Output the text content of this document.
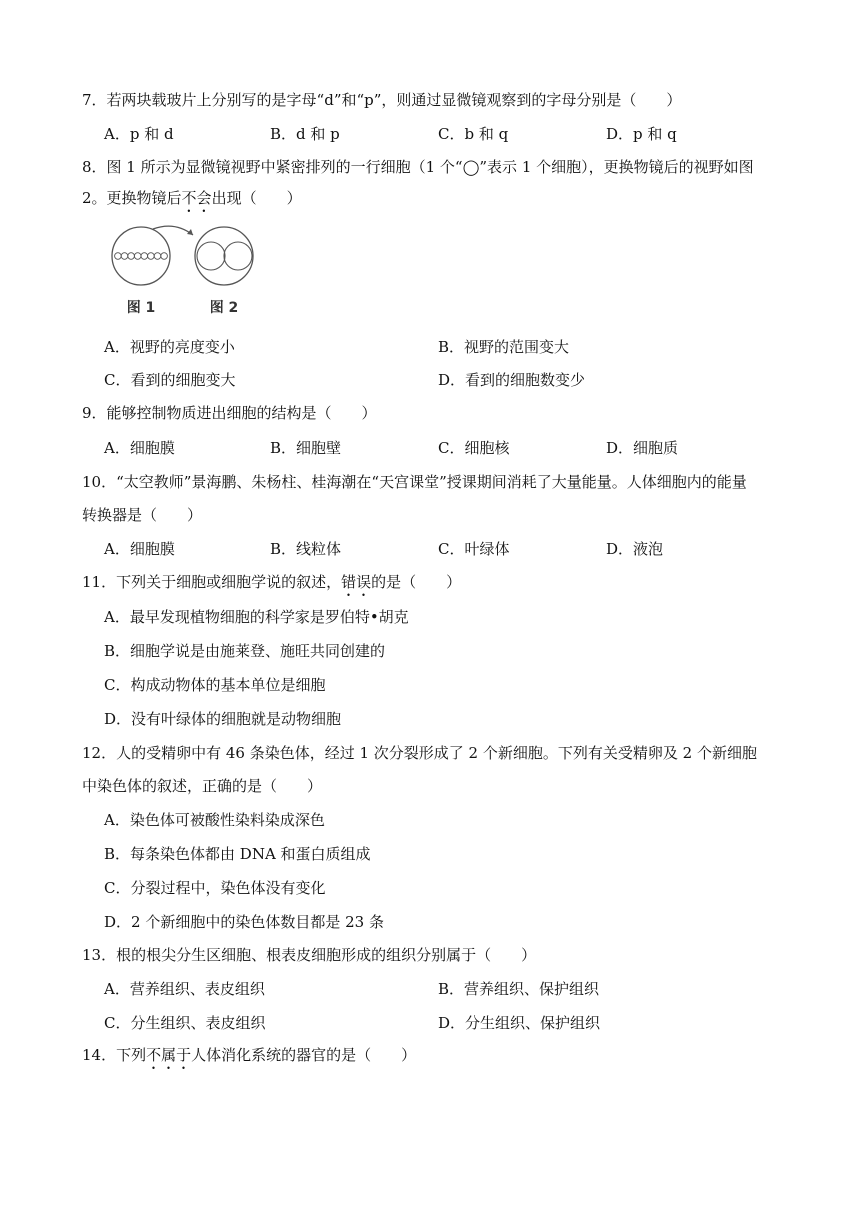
7．若两块载玻片上分别写的是字母“d”和“p”，则通过显微镜观察到的字母分别是（　　）
A．p 和 d	B．d 和 p	C．b 和 q	D．p 和 q
8．图 1 所示为显微镜视野中紧密排列的一行细胞（1 个“◯”表示 1 个细胞），更换物镜后的视野如图
2。更换物镜后不会出现（　　）
图 1	图 2
A．视野的亮度变小	B．视野的范围变大
C．看到的细胞变大	D．看到的细胞数变少
9．能够控制物质进出细胞的结构是（　　）
A．细胞膜	B．细胞壁	C．细胞核	D．细胞质
10．“太空教师”景海鹏、朱杨柱、桂海潮在“天宫课堂”授课期间消耗了大量能量。人体细胞内的能量
转换器是（　　）
A．细胞膜	B．线粒体	C．叶绿体	D．液泡
11．下列关于细胞或细胞学说的叙述，错误的是（　　）
A．最早发现植物细胞的科学家是罗伯特•胡克
B．细胞学说是由施莱登、施旺共同创建的
C．构成动物体的基本单位是细胞
D．没有叶绿体的细胞就是动物细胞
12．人的受精卵中有 46 条染色体，经过 1 次分裂形成了 2 个新细胞。下列有关受精卵及 2 个新细胞
中染色体的叙述，正确的是（　　）
A．染色体可被酸性染料染成深色
B．每条染色体都由 DNA 和蛋白质组成
C．分裂过程中，染色体没有变化
D．2 个新细胞中的染色体数目都是 23 条
13．根的根尖分生区细胞、根表皮细胞形成的组织分别属于（　　）
A．营养组织、表皮组织	B．营养组织、保护组织
C．分生组织、表皮组织	D．分生组织、保护组织
14．下列不属于人体消化系统的器官的是（　　）
